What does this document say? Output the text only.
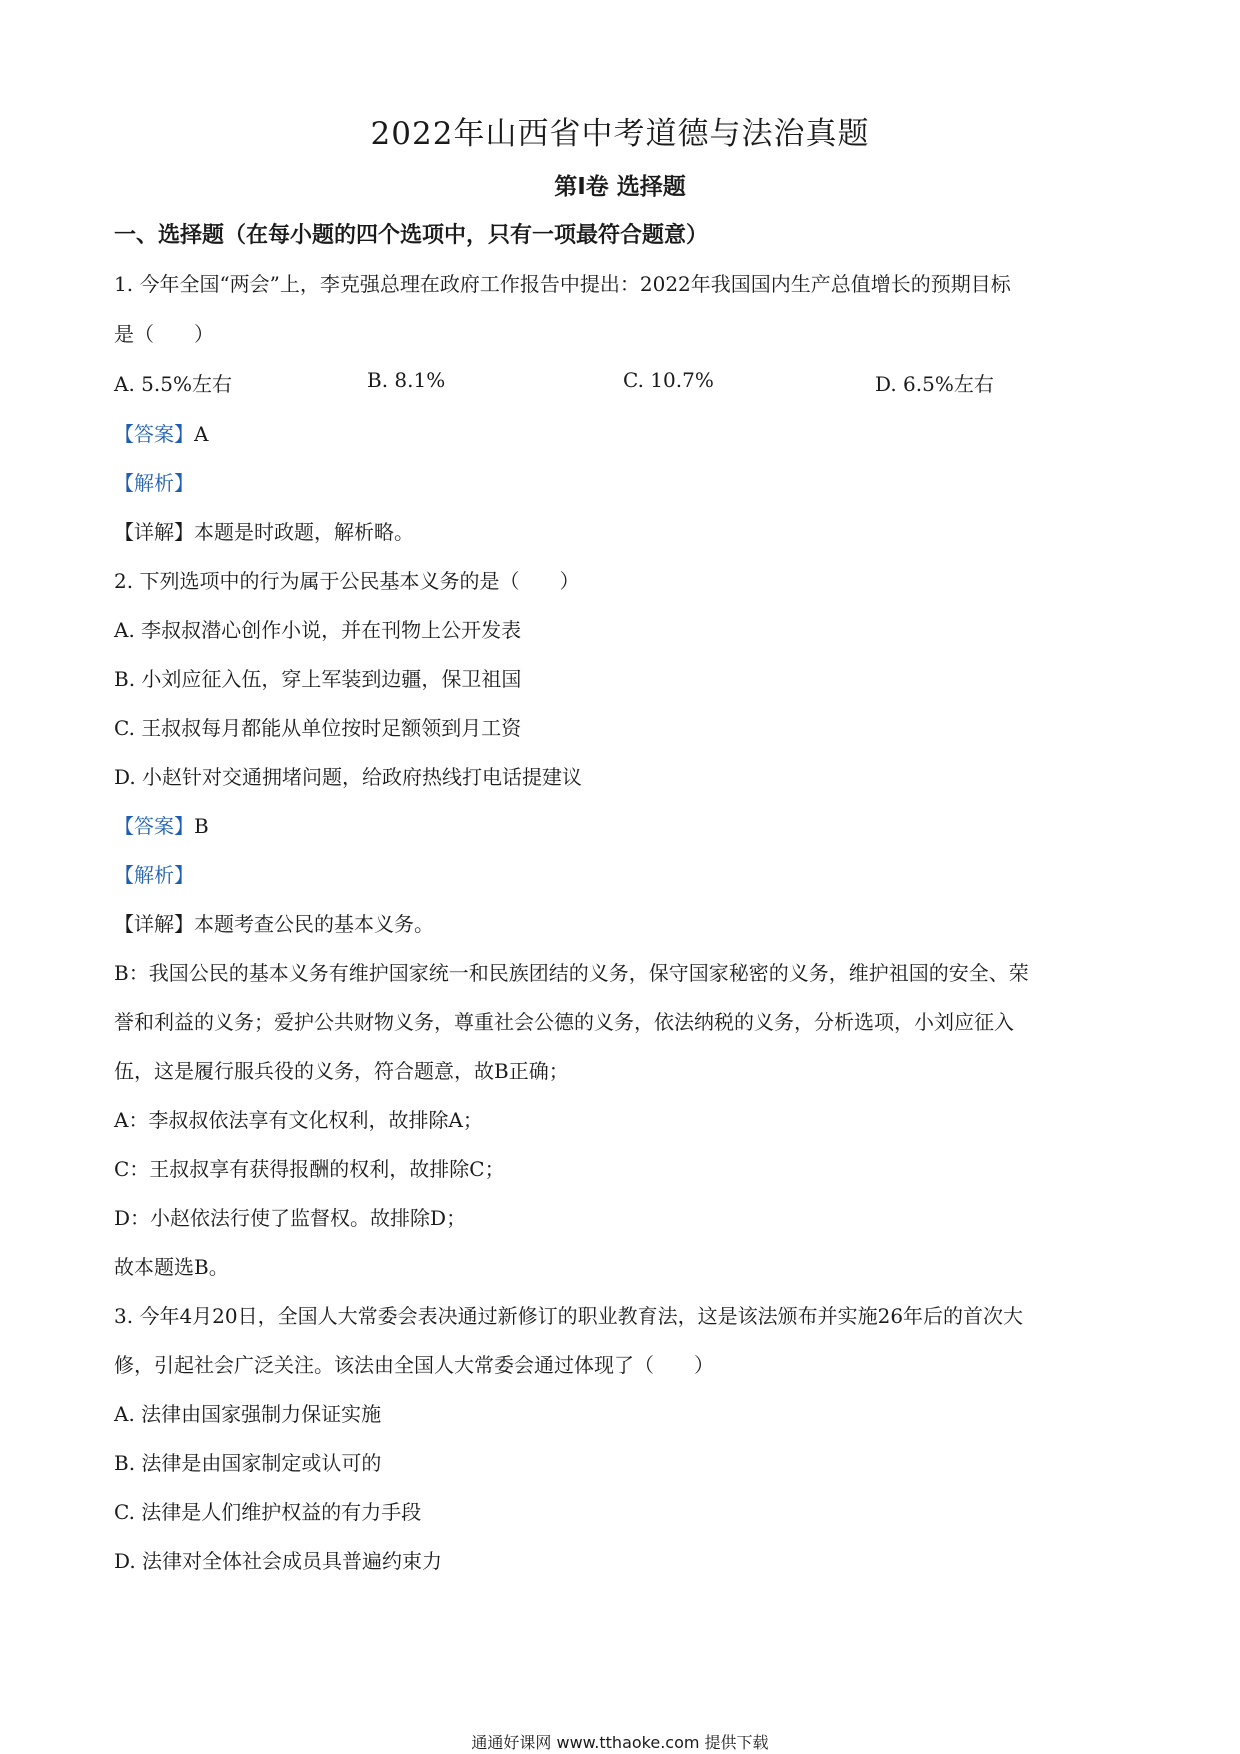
2022年山西省中考道德与法治真题
第Ⅰ卷 选择题
一、选择题（在每小题的四个选项中，只有一项最符合题意）
1. 今年全国“两会”上，李克强总理在政府工作报告中提出：2022年我国国内生产总值增长的预期目标
是（　　）
A. 5.5%左右	B. 8.1%	C. 10.7%	D. 6.5%左右
【答案】A
【解析】
【详解】本题是时政题，解析略。
2. 下列选项中的行为属于公民基本义务的是（　　）
A. 李叔叔潜心创作小说，并在刊物上公开发表
B. 小刘应征入伍，穿上军装到边疆，保卫祖国
C. 王叔叔每月都能从单位按时足额领到月工资
D. 小赵针对交通拥堵问题，给政府热线打电话提建议
【答案】B
【解析】
【详解】本题考查公民的基本义务。
B：我国公民的基本义务有维护国家统一和民族团结的义务，保守国家秘密的义务，维护祖国的安全、荣
誉和利益的义务；爱护公共财物义务，尊重社会公德的义务，依法纳税的义务，分析选项，小刘应征入
伍，这是履行服兵役的义务，符合题意，故B正确；
A：李叔叔依法享有文化权利，故排除A；
C：王叔叔享有获得报酬的权利，故排除C；
D：小赵依法行使了监督权。故排除D；
故本题选B。
3. 今年4月20日，全国人大常委会表决通过新修订的职业教育法，这是该法颁布并实施26年后的首次大
修，引起社会广泛关注。该法由全国人大常委会通过体现了（　　）
A. 法律由国家强制力保证实施
B. 法律是由国家制定或认可的
C. 法律是人们维护权益的有力手段
D. 法律对全体社会成员具普遍约束力
通通好课网 www.tthaoke.com 提供下载
